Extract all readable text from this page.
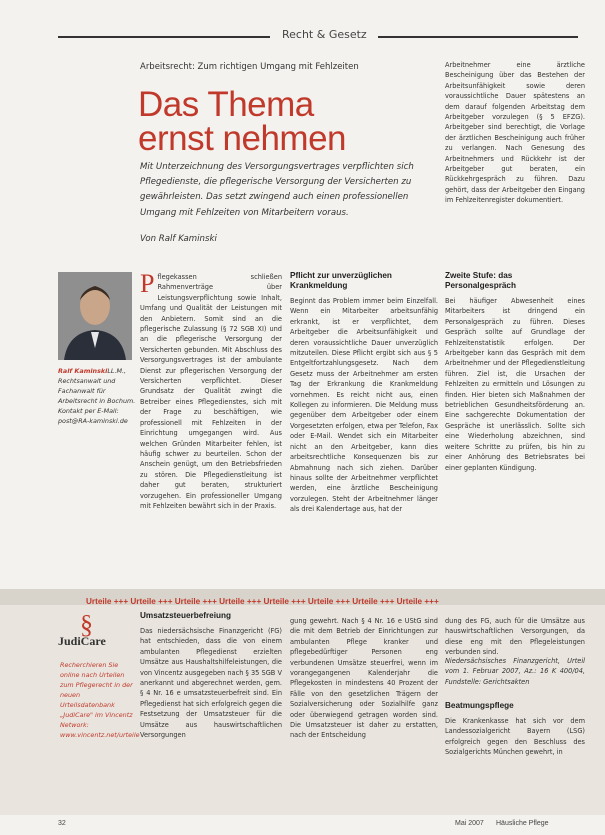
Recht & Gesetz
Arbeitsrecht: Zum richtigen Umgang mit Fehlzeiten
Das Thema
ernst nehmen
Mit Unterzeichnung des Versorgungsvertrages verpflichten sich Pflegedienste, die pflegerische Versorgung der Versicherten zu gewährleisten. Das setzt zwingend auch einen professionellen Umgang mit Fehlzeiten von Mitarbeitern voraus.
Von Ralf Kaminski
Arbeitnehmer eine ärztliche Bescheinigung über das Bestehen der Arbeitsunfähigkeit sowie deren voraussichtliche Dauer spätestens an dem darauf folgenden Arbeitstag dem Arbeitgeber vorzulegen (§ 5 EFZG). Arbeitgeber sind berechtigt, die Vorlage der ärztlichen Bescheinigung auch früher zu verlangen. Nach Genesung des Arbeitnehmers und Rückkehr ist der Arbeitgeber gut beraten, ein Rückkehrgespräch zu führen. Dazu gehört, dass der Arbeitgeber den Eingang im Fehlzeitenregister dokumentiert.
Zweite Stufe: das Personalgespräch
Bei häufiger Abwesenheit eines Mitarbeiters ist dringend ein Personalgespräch zu führen. Dieses Gespräch sollte auf Grundlage der Fehlzeitenstatistik erfolgen. Der Arbeitgeber kann das Gespräch mit dem Arbeitnehmer und der Pflegedienstleitung führen. Ziel ist, die Ursachen der Fehlzeiten zu ermitteln und Lösungen zu finden. Hier bieten sich Maßnahmen der betrieblichen Gesundheitsförderung an. Eine sachgerechte Dokumentation der Gespräche ist unerlässlich. Sollte sich eine Wiederholung abzeichnen, sind weitere Schritte zu prüfen, bis hin zu einer Anhörung des Betriebsrates bei einer geplanten Kündigung.
Ralf KaminskiLL.M., Rechtsanwalt und Fachanwalt für Arbeitsrecht in Bochum. Kontakt per E-Mail: post@RA-kaminski.de
Pflegekassen schließen Rahmenverträge über Leistungsverpflichtung sowie Inhalt, Umfang und Qualität der Leistungen mit den Anbietern. Somit sind an die pflegerische Zulassung (§ 72 SGB XI) und an die pflegerische Versorgung der Versicherten gebunden. Mit Abschluss des Versorgungsvertrages ist der ambulante Dienst zur pflegerischen Versorgung der Versicherten verpflichtet. Dieser Grundsatz der Qualität zwingt die Betreiber eines Pflegedienstes, sich mit der Frage zu beschäftigen, wie professionell mit Fehlzeiten in der Einrichtung umgegangen wird. Aus welchen Gründen Mitarbeiter fehlen, ist häufig schwer zu beurteilen. Schon der Anschein genügt, um den Betriebsfrieden zu stören. Die Pflegedienstleitung ist daher gut beraten, strukturiert vorzugehen. Ein professioneller Umgang mit Fehlzeiten bewährt sich in der Praxis.
Pflicht zur unverzüglichen Krankmeldung
Beginnt das Problem immer beim Einzelfall. Wenn ein Mitarbeiter arbeitsunfähig erkrankt, ist er verpflichtet, dem Arbeitgeber die Arbeitsunfähigkeit und deren voraussichtliche Dauer unverzüglich mitzuteilen. Diese Pflicht ergibt sich aus § 5 Entgeltfortzahlungsgesetz. Nach dem Gesetz muss der Arbeitnehmer am ersten Tag der Erkrankung die Krankmeldung vornehmen. Es reicht nicht aus, einen Kollegen zu informieren. Die Meldung muss gegenüber dem Arbeitgeber oder einem Vorgesetzten erfolgen, etwa per Telefon, Fax oder E-Mail. Wendet sich ein Mitarbeiter nicht an den Arbeitgeber, kann dies arbeitsrechtliche Konsequenzen bis zur Abmahnung nach sich ziehen. Darüber hinaus sollte der Arbeitnehmer verpflichtet werden, eine ärztliche Bescheinigung vorzulegen. Steht der Arbeitnehmer länger als drei Kalendertage aus, hat der
Urteile +++ Urteile +++ Urteile +++ Urteile +++ Urteile +++ Urteile +++ Urteile +++ Urteile +++
§
JudiCare
Recherchieren Sie online nach Urteilen zum Pflegerecht in der neuen Urteilsdatenbank „JudiCare" im Vincentz Network: www.vincentz.net/urteile
Umsatzsteuerbefreiung
Das niedersächsische Finanzgericht (FG) hat entschieden, dass die von einem ambulanten Pflegedienst erzielten Umsätze aus Haushaltshilfeleistungen, die von Vincentz ausgegeben nach § 35 SGB V anerkannt und abgerechnet werden, gem. § 4 Nr. 16 e umsatzsteuerbefreit sind. Ein Pflegedienst hat sich erfolgreich gegen die Festsetzung der Umsatzsteuer für die Umsätze aus hauswirtschaftlichen Versorgungen
gung gewehrt. Nach § 4 Nr. 16 e UStG sind die mit dem Betrieb der Einrichtungen zur ambulanten Pflege kranker und pflegebedürftiger Personen eng verbundenen Umsätze steuerfrei, wenn im vorangegangenen Kalenderjahr die Pflegekosten in mindestens 40 Prozent der Fälle von den gesetzlichen Trägern der Sozialversicherung oder Sozialhilfe ganz oder überwiegend getragen worden sind. Die Umsatzsteuer ist daher zu erstatten, nach der Entscheidung
dung des FG, auch für die Umsätze aus hauswirtschaftlichen Versorgungen, da diese eng mit den Pflegeleistungen verbunden sind.
Niedersächsisches Finanzgericht, Urteil vom 1. Februar 2007, Az.: 16 K 400/04, Fundstelle: Gerichtsakten
Beatmungspflege
Die Krankenkasse hat sich vor dem Landessozialgericht Bayern (LSG) erfolgreich gegen den Beschluss des Sozialgerichts München gewehrt, in
32	Mai 2007 Häusliche Pflege
